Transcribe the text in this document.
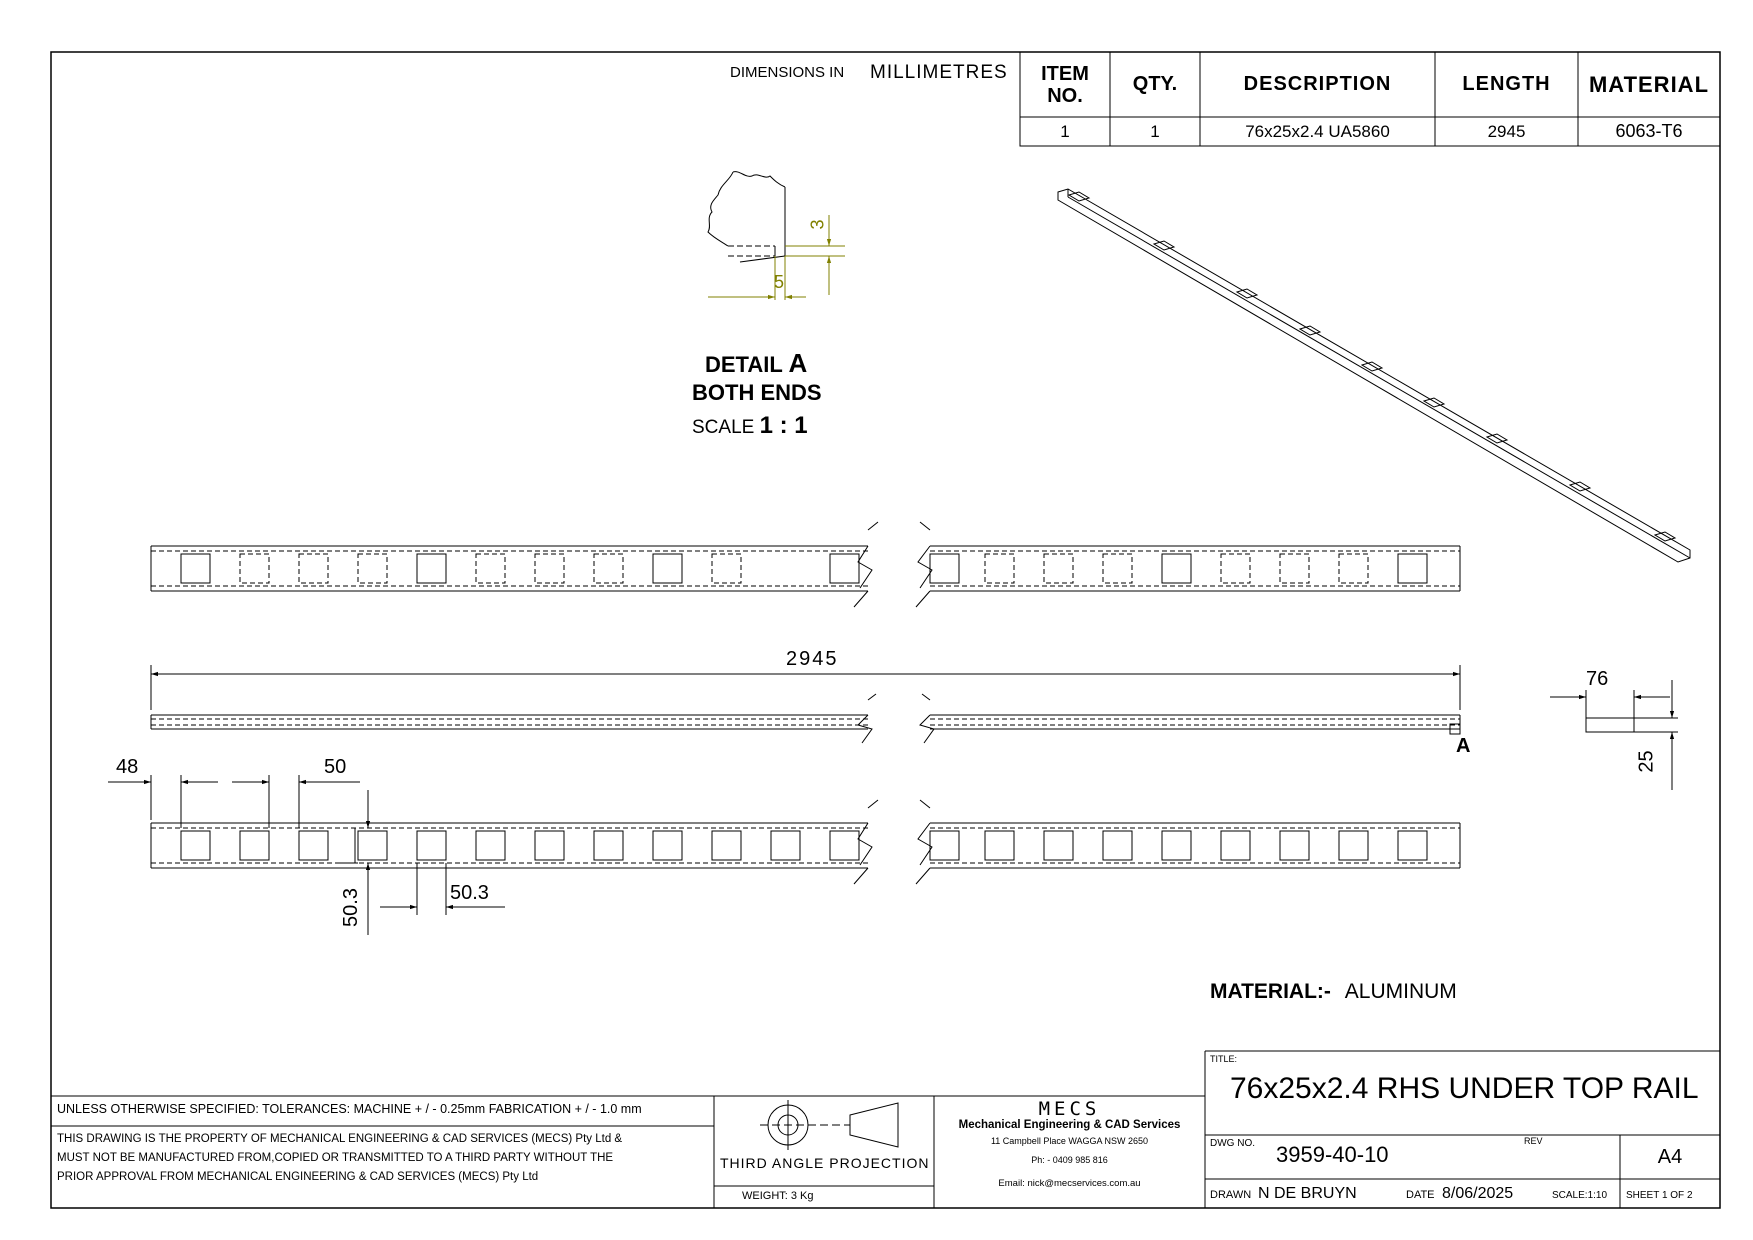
DIMENSIONS IN MILLIMETRES ITEM
NO.
QTY.	DESCRIPTION	LENGTH	MATERIAL
1	1	76x25x2.4 UA5860	2945	6063-T6
3
5
DETAIL A
BOTH ENDS
SCALE 1 : 1
2945
A
76
25
48	50
50.3	50.3
MATERIAL:- ALUMINUM
UNLESS OTHERWISE SPECIFIED: TOLERANCES: MACHINE + / - 0.25mm FABRICATION + / - 1.0 mm
THIS DRAWING IS THE PROPERTY OF MECHANICAL ENGINEERING & CAD SERVICES (MECS) Pty Ltd &
MUST NOT BE MANUFACTURED FROM,COPIED OR TRANSMITTED TO A THIRD PARTY WITHOUT THE
PRIOR APPROVAL FROM MECHANICAL ENGINEERING & CAD SERVICES (MECS) Pty Ltd
THIRD ANGLE PROJECTION
WEIGHT: 3 Kg
MECS
Mechanical Engineering & CAD Services
11 Campbell Place WAGGA NSW 2650
Ph: - 0409 985 816
Email: nick@mecservices.com.au
TITLE:
76x25x2.4 RHS UNDER TOP RAIL
DWG NO. 3959-40-10
REV
A4
DRAWN N DE BRUYN	DATE 8/06/2025	SCALE:1:10 SHEET 1 OF 2
